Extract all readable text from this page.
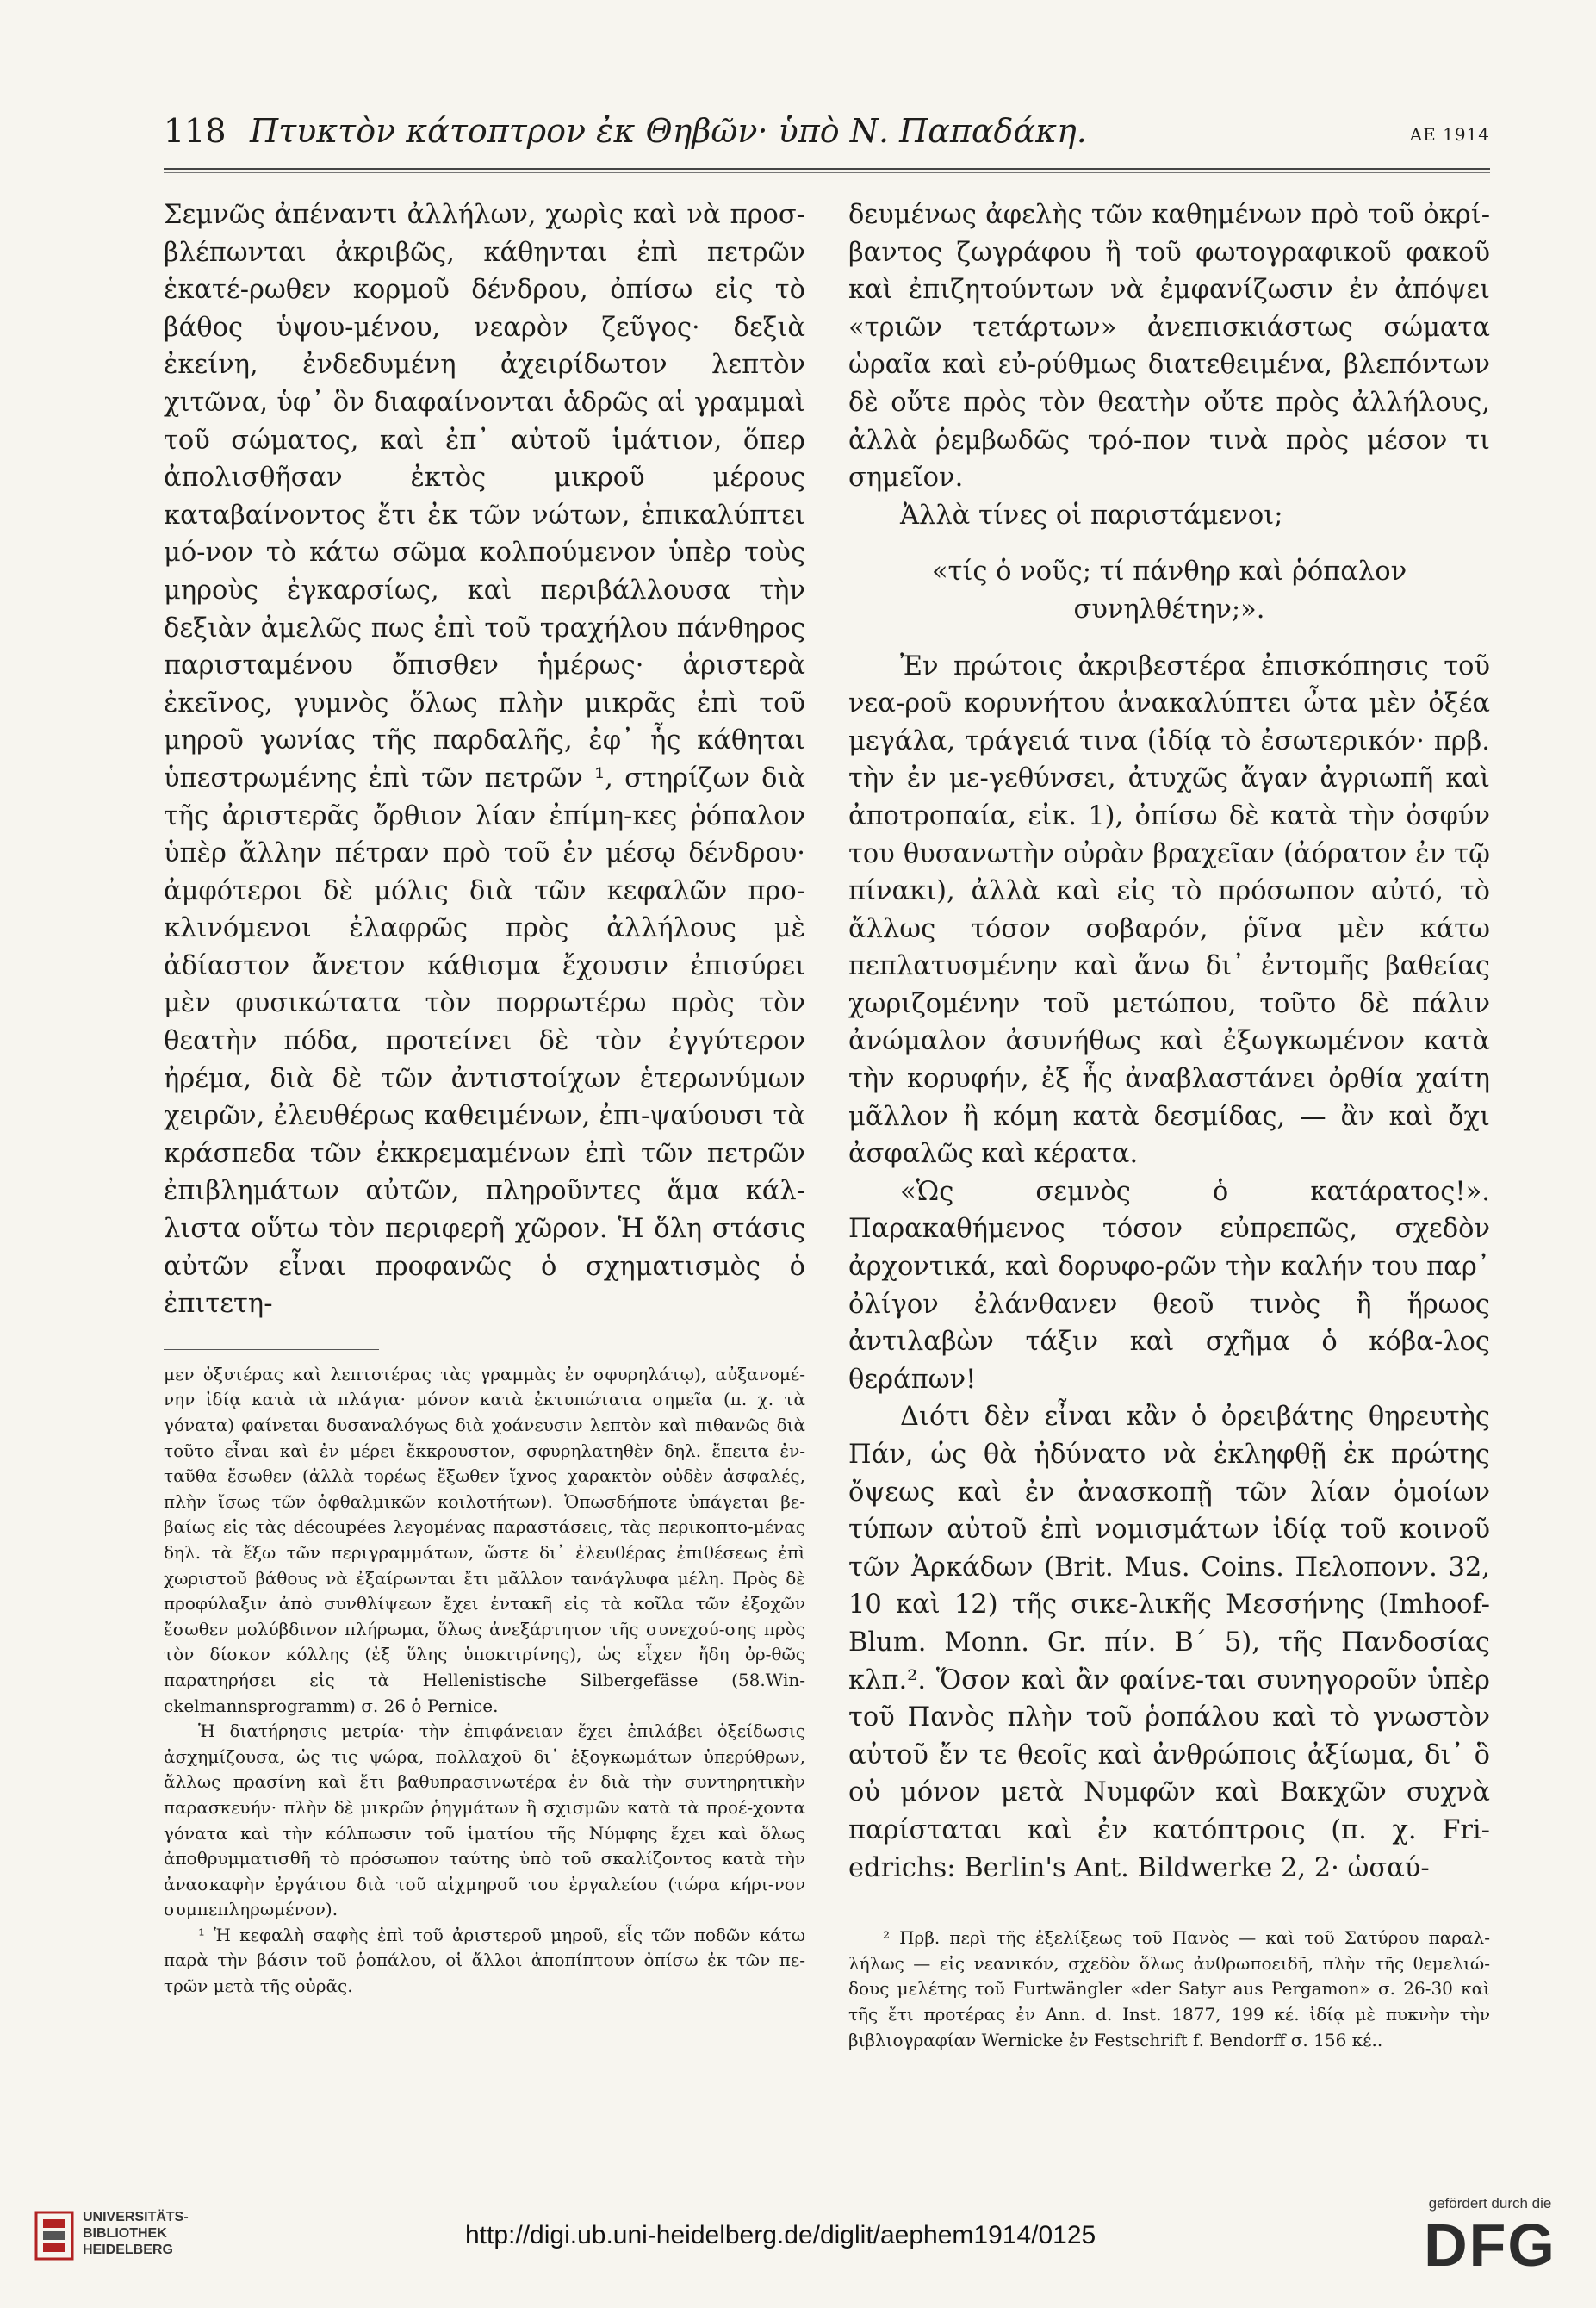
118 Πτυκτὸν κάτοπτρον ἐκ Θηβῶν· ὑπὸ Ν. Παπαδάκη.	ΑΕ 1914

Σεμνῶς ἀπέναντι ἀλλήλων, χωρὶς καὶ νὰ προσ-βλέπωνται ἀκριβῶς, κάθηνται ἐπὶ πετρῶν ἑκατέ-ρωθεν κορμοῦ δένδρου, ὀπίσω εἰς τὸ βάθος ὑψου-μένου, νεαρὸν ζεῦγος· δεξιὰ ἐκείνη, ἐνδεδυμένη ἀχειρίδωτον λεπτὸν χιτῶνα, ὑφ᾽ ὃν διαφαίνονται ἁδρῶς αἱ γραμμαὶ τοῦ σώματος, καὶ ἐπ᾽ αὐτοῦ ἱμάτιον, ὅπερ ἀπολισθῆσαν ἐκτὸς μικροῦ μέρους καταβαίνοντος ἔτι ἐκ τῶν νώτων, ἐπικαλύπτει μό-νον τὸ κάτω σῶμα κολπούμενον ὑπὲρ τοὺς μηροὺς ἐγκαρσίως, καὶ περιβάλλουσα τὴν δεξιὰν ἀμελῶς πως ἐπὶ τοῦ τραχήλου πάνθηρος παρισταμένου ὄπισθεν ἡμέρως· ἀριστερὰ ἐκεῖνος, γυμνὸς ὅλως πλὴν μικρᾶς ἐπὶ τοῦ μηροῦ γωνίας τῆς παρδαλῆς, ἐφ᾽ ἧς κάθηται ὑπεστρωμένης ἐπὶ τῶν πετρῶν ¹, στηρίζων διὰ τῆς ἀριστερᾶς ὄρθιον λίαν ἐπίμη-κες ῥόπαλον ὑπὲρ ἄλλην πέτραν πρὸ τοῦ ἐν μέσῳ δένδρου· ἀμφότεροι δὲ μόλις διὰ τῶν κεφαλῶν προ-κλινόμενοι ἐλαφρῶς πρὸς ἀλλήλους μὲ ἀδίαστον ἄνετον κάθισμα ἔχουσιν ἐπισύρει μὲν φυσικώτατα τὸν πορρωτέρω πρὸς τὸν θεατὴν πόδα, προτείνει δὲ τὸν ἐγγύτερον ἠρέμα, διὰ δὲ τῶν ἀντιστοίχων ἑτερωνύμων χειρῶν, ἐλευθέρως καθειμένων, ἐπι-ψαύουσι τὰ κράσπεδα τῶν ἐκκρεμαμένων ἐπὶ τῶν πετρῶν ἐπιβλημάτων αὐτῶν, πληροῦντες ἅμα κάλ-λιστα οὕτω τὸν περιφερῆ χῶρον. Ἡ ὅλη στάσις αὐτῶν εἶναι προφανῶς ὁ σχηματισμὸς ὁ ἐπιτετη-

μεν ὀξυτέρας καὶ λεπτοτέρας τὰς γραμμὰς ἐν σφυρηλάτῳ), αὐξανομέ-νην ἰδίᾳ κατὰ τὰ πλάγια· μόνον κατὰ ἐκτυπώτατα σημεῖα (π. χ. τὰ γόνατα) φαίνεται δυσαναλόγως διὰ χοάνευσιν λεπτὸν καὶ πιθανῶς διὰ τοῦτο εἶναι καὶ ἐν μέρει ἔκκρουστον, σφυρηλατηθὲν δηλ. ἔπειτα ἐν-ταῦθα ἔσωθεν (ἀλλὰ τορέως ἔξωθεν ἴχνος χαρακτὸν οὐδὲν ἀσφαλές, πλὴν ἴσως τῶν ὀφθαλμικῶν κοιλοτήτων). Ὁπωσδήποτε ὑπάγεται βε-βαίως εἰς τὰς découpées λεγομένας παραστάσεις, τὰς περικοπτο-μένας δηλ. τὰ ἔξω τῶν περιγραμμάτων, ὥστε δι᾽ ἐλευθέρας ἐπιθέσεως ἐπὶ χωριστοῦ βάθους νὰ ἐξαίρωνται ἔτι μᾶλλον τανάγλυφα μέλη. Πρὸς δὲ προφύλαξιν ἀπὸ συνθλίψεων ἔχει ἐντακῆ εἰς τὰ κοῖλα τῶν ἐξοχῶν ἔσωθεν μολύβδινον πλήρωμα, ὅλως ἀνεξάρτητον τῆς συνεχού-σης πρὸς τὸν δίσκον κόλλης (ἐξ ὕλης ὑποκιτρίνης), ὡς εἶχεν ἤδη ὀρ-θῶς παρατηρήσει εἰς τὰ Hellenistische Silbergefässe (58.Win-ckelmannsprogramm) σ. 26 ὁ Pernice.

Ἡ διατήρησις μετρία· τὴν ἐπιφάνειαν ἔχει ἐπιλάβει ὀξείδωσις ἀσχημίζουσα, ὡς τις ψώρα, πολλαχοῦ δι᾽ ἐξογκωμάτων ὑπερύθρων, ἄλλως πρασίνη καὶ ἔτι βαθυπρασινωτέρα ἐν διὰ τὴν συντηρητικὴν παρασκευήν· πλὴν δὲ μικρῶν ῥηγμάτων ἢ σχισμῶν κατὰ τὰ προέ-χοντα γόνατα καὶ τὴν κόλπωσιν τοῦ ἱματίου τῆς Νύμφης ἔχει καὶ ὅλως ἀποθρυμματισθῆ τὸ πρόσωπον ταύτης ὑπὸ τοῦ σκαλίζοντος κατὰ τὴν ἀνασκαφὴν ἐργάτου διὰ τοῦ αἰχμηροῦ του ἐργαλείου (τώρα κήρι-νον συμπεπληρωμένον).

¹ Ἡ κεφαλὴ σαφὴς ἐπὶ τοῦ ἀριστεροῦ μηροῦ, εἷς τῶν ποδῶν κάτω παρὰ τὴν βάσιν τοῦ ῥοπάλου, οἱ ἄλλοι ἀποπίπτουν ὀπίσω ἐκ τῶν πε-τρῶν μετὰ τῆς οὐρᾶς.

δευμένως ἀφελὴς τῶν καθημένων πρὸ τοῦ ὀκρί-βαντος ζωγράφου ἢ τοῦ φωτογραφικοῦ φακοῦ καὶ ἐπιζητούντων νὰ ἐμφανίζωσιν ἐν ἀπόψει «τριῶν τετάρτων» ἀνεπισκιάστως σώματα ὡραῖα καὶ εὐ-ρύθμως διατεθειμένα, βλεπόντων δὲ οὔτε πρὸς τὸν θεατὴν οὔτε πρὸς ἀλλήλους, ἀλλὰ ῥεμβωδῶς τρό-πον τινὰ πρὸς μέσον τι σημεῖον.

Ἀλλὰ τίνες οἱ παριστάμενοι;

«τίς ὁ νοῦς; τί πάνθηρ καὶ ῥόπαλον συνηλθέτην;».

Ἐν πρώτοις ἀκριβεστέρα ἐπισκόπησις τοῦ νεα-ροῦ κορυνήτου ἀνακαλύπτει ὦτα μὲν ὀξέα μεγάλα, τράγειά τινα (ἰδίᾳ τὸ ἐσωτερικόν· πρβ. τὴν ἐν με-γεθύνσει, ἀτυχῶς ἄγαν ἀγριωπῆ καὶ ἀποτροπαία, εἰκ. 1), ὀπίσω δὲ κατὰ τὴν ὀσφύν του θυσανωτὴν οὐρὰν βραχεῖαν (ἀόρατον ἐν τῷ πίνακι), ἀλλὰ καὶ εἰς τὸ πρόσωπον αὐτό, τὸ ἄλλως τόσον σοβαρόν, ῥῖνα μὲν κάτω πεπλατυσμένην καὶ ἄνω δι᾽ ἐντομῆς βαθείας χωριζομένην τοῦ μετώπου, τοῦτο δὲ πάλιν ἀνώμαλον ἀσυνήθως καὶ ἐξωγκωμένον κατὰ τὴν κορυφήν, ἐξ ἧς ἀναβλαστάνει ὀρθία χαίτη μᾶλλον ἢ κόμη κατὰ δεσμίδας, — ἂν καὶ ὄχι ἀσφαλῶς καὶ κέρατα.

«Ὡς σεμνὸς ὁ κατάρατος!». Παρακαθήμενος τόσον εὐπρεπῶς, σχεδὸν ἀρχοντικά, καὶ δορυφο-ρῶν τὴν καλήν του παρ᾽ ὀλίγον ἐλάνθανεν θεοῦ τινὸς ἢ ἥρωος ἀντιλαβὼν τάξιν καὶ σχῆμα ὁ κόβα-λος θεράπων!

Διότι δὲν εἶναι κἂν ὁ ὀρειβάτης θηρευτὴς Πάν, ὡς θὰ ἠδύνατο νὰ ἐκληφθῇ ἐκ πρώτης ὄψεως καὶ ἐν ἀνασκοπῇ τῶν λίαν ὁμοίων τύπων αὐτοῦ ἐπὶ νομισμάτων ἰδίᾳ τοῦ κοινοῦ τῶν Ἀρκάδων (Brit. Mus. Coins. Πελοπονν. 32, 10 καὶ 12) τῆς σικε-λικῆς Μεσσήνης (Imhoof-Blum. Monn. Gr. πίν. Β΄ 5), τῆς Πανδοσίας κλπ.². Ὅσον καὶ ἂν φαίνε-ται συνηγοροῦν ὑπὲρ τοῦ Πανὸς πλὴν τοῦ ῥοπάλου καὶ τὸ γνωστὸν αὐτοῦ ἔν τε θεοῖς καὶ ἀνθρώποις ἀξίωμα, δι᾽ ὃ οὐ μόνον μετὰ Νυμφῶν καὶ Βακχῶν συχνὰ παρίσταται καὶ ἐν κατόπτροις (π. χ. Fri-edrichs: Berlin's Ant. Bildwerke 2, 2· ὡσαύ-

² Πρβ. περὶ τῆς ἐξελίξεως τοῦ Πανὸς — καὶ τοῦ Σατύρου παραλ-λήλως — εἰς νεανικόν, σχεδὸν ὅλως ἀνθρωποειδῆ, πλὴν τῆς θεμελιώ-δους μελέτης τοῦ Furtwängler «der Satyr aus Pergamon» σ. 26-30 καὶ τῆς ἔτι προτέρας ἐν Ann. d. Inst. 1877, 199 κέ. ἰδίᾳ μὲ πυκνὴν τὴν βιβλιογραφίαν Wernicke ἐν Festschrift f. Bendorff σ. 156 κέ..

UNIVERSITÄTS-
BIBLIOTHEK
HEIDELBERG
http://digi.ub.uni-heidelberg.de/diglit/aephem1914/0125
gefördert durch die
DFG
